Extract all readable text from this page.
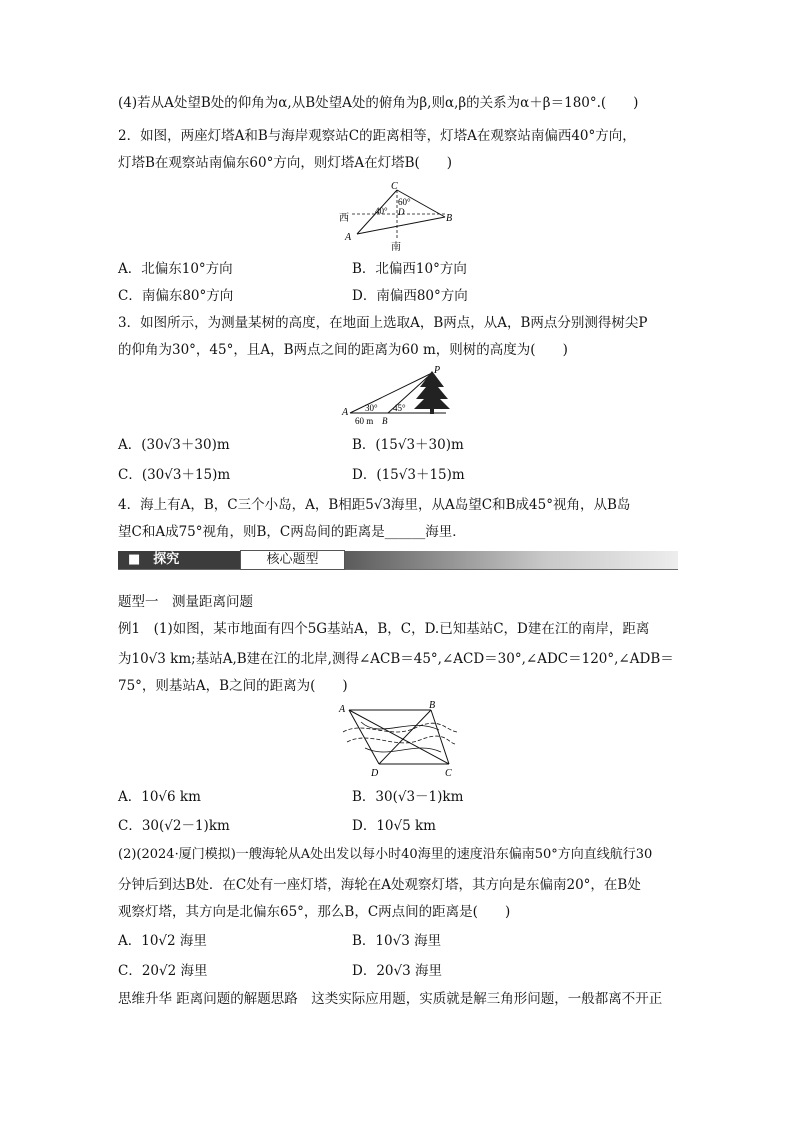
(4)若从A处望B处的仰角为α,从B处望A处的俯角为β,则α,β的关系为α＋β＝180°.(　　)
2．如图，两座灯塔A和B与海岸观察站C的距离相等，灯塔A在观察站南偏西40°方向，
灯塔B在观察站南偏东60°方向，则灯塔A在灯塔B(　　)
C
A
B
D
西
南
40°
60°
A．北偏东10°方向	B．北偏西10°方向
C．南偏东80°方向	D．南偏西80°方向
3．如图所示，为测量某树的高度，在地面上选取A，B两点，从A，B两点分别测得树尖P
的仰角为30°，45°，且A，B两点之间的距离为60 m，则树的高度为(　　)
P
A
B
60 m
30° 45°
A．(30√3＋30)m	B．(15√3＋30)m
C．(30√3＋15)m	D．(15√3＋15)m
4．海上有A，B，C三个小岛，A，B相距5√3海里，从A岛望C和B成45°视角，从B岛
望C和A成75°视角，则B，C两岛间的距离是______海里．
■　探究	核心题型
题型一　测量距离问题
例1　(1)如图，某市地面有四个5G基站A，B，C，D.已知基站C，D建在江的南岸，距离
为10√3 km;基站A,B建在江的北岸,测得∠ACB＝45°,∠ACD＝30°,∠ADC＝120°,∠ADB＝
75°，则基站A，B之间的距离为(　　)
A	B
D	C
A．10√6 km	B．30(√3－1)km
C．30(√2－1)km	D．10√5 km
(2)(2024·厦门模拟)一艘海轮从A处出发以每小时40海里的速度沿东偏南50°方向直线航行30
分钟后到达B处．在C处有一座灯塔，海轮在A处观察灯塔，其方向是东偏南20°，在B处
观察灯塔，其方向是北偏东65°，那么B，C两点间的距离是(　　)
A．10√2 海里	B．10√3 海里
C．20√2 海里	D．20√3 海里
思维升华 距离问题的解题思路　这类实际应用题，实质就是解三角形问题，一般都离不开正
